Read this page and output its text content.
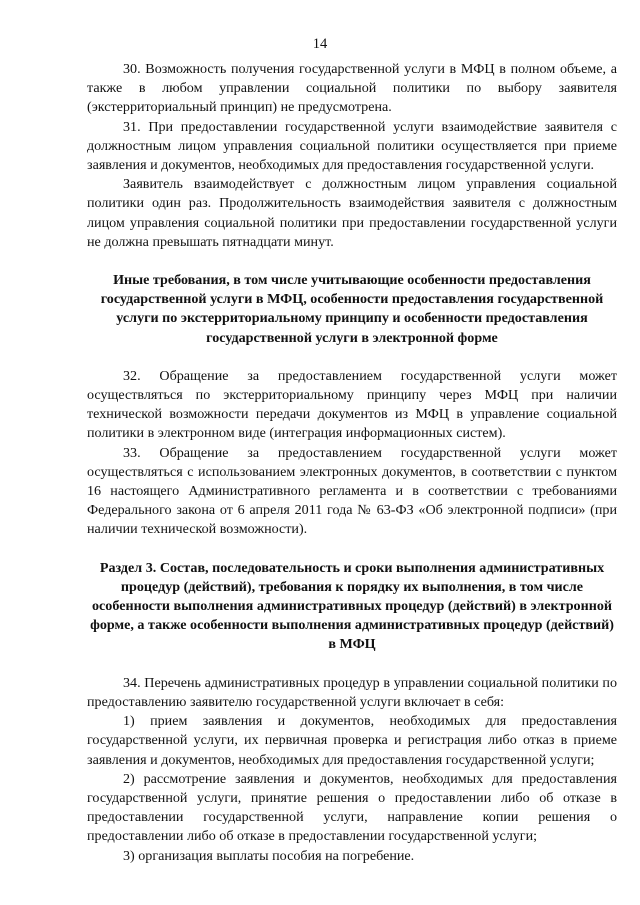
14

30. Возможность получения государственной услуги в МФЦ в полном объеме, а также в любом управлении социальной политики по выбору заявителя (экстерриториальный принцип) не предусмотрена.

31. При предоставлении государственной услуги взаимодействие заявителя с должностным лицом управления социальной политики осуществляется при приеме заявления и документов, необходимых для предоставления государственной услуги.

Заявитель взаимодействует с должностным лицом управления социальной политики один раз. Продолжительность взаимодействия заявителя с должностным лицом управления социальной политики при предоставлении государственной услуги не должна превышать пятнадцати минут.

Иные требования, в том числе учитывающие особенности предоставления государственной услуги в МФЦ, особенности предоставления государственной услуги по экстерриториальному принципу и особенности предоставления государственной услуги в электронной форме

32. Обращение за предоставлением государственной услуги может осуществляться по экстерриториальному принципу через МФЦ при наличии технической возможности передачи документов из МФЦ в управление социальной политики в электронном виде (интеграция информационных систем).

33. Обращение за предоставлением государственной услуги может осуществляться с использованием электронных документов, в соответствии с пунктом 16 настоящего Административного регламента и в соответствии с требованиями Федерального закона от 6 апреля 2011 года № 63-ФЗ «Об электронной подписи» (при наличии технической возможности).

Раздел 3. Состав, последовательность и сроки выполнения административных процедур (действий), требования к порядку их выполнения, в том числе особенности выполнения административных процедур (действий) в электронной форме, а также особенности выполнения административных процедур (действий) в МФЦ

34. Перечень административных процедур в управлении социальной политики по предоставлению заявителю государственной услуги включает в себя:

1) прием заявления и документов, необходимых для предоставления государственной услуги, их первичная проверка и регистрация либо отказ в приеме заявления и документов, необходимых для предоставления государственной услуги;

2) рассмотрение заявления и документов, необходимых для предоставления государственной услуги, принятие решения о предоставлении либо об отказе в предоставлении государственной услуги, направление копии решения о предоставлении либо об отказе в предоставлении государственной услуги;

3) организация выплаты пособия на погребение.
